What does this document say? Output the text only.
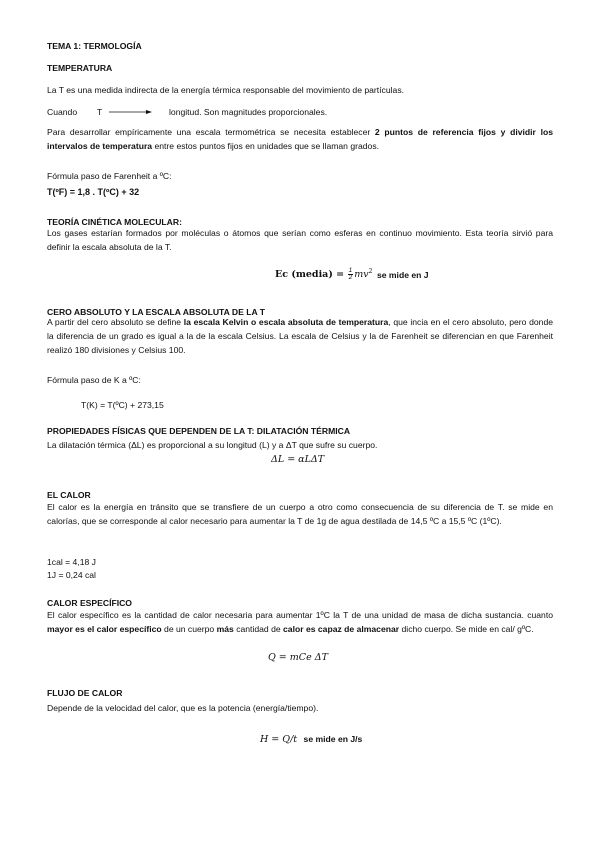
TEMA 1: TERMOLOGÍA
TEMPERATURA
La T es una medida indirecta de la energía térmica responsable del movimiento de partículas.
Cuando T	longitud. Son magnitudes proporcionales.
Para desarrollar empíricamente una escala termométrica se necesita establecer 2 puntos de referencia fijos y dividir los intervalos de temperatura entre estos puntos fijos en unidades que se llaman grados.
Fórmula paso de Farenheit a ºC:
T(ºF) = 1,8 . T(ºC) + 32
TEORÍA CINÉTICA MOLECULAR:
Los gases estarían formados por moléculas o átomos que serían como esferas en continuo movimiento. Esta teoría sirvió para definir la escala absoluta de la T.
Ec (media) = $\frac{1}{2} mv^2$ se mide en J
CERO ABSOLUTO Y LA ESCALA ABSOLUTA DE LA T
A partir del cero absoluto se define la escala Kelvin o escala absoluta de temperatura, que incia en el cero absoluto, pero donde la diferencia de un grado es igual a la de la escala Celsius. La escala de Celsius y la de Farenheit se diferencian en que Farenheit realizó 180 divisiones y Celsius 100.
Fórmula paso de K a ºC:
T(K) = T(ºC) + 273,15
PROPIEDADES FÍSICAS QUE DEPENDEN DE LA T: DILATACIÓN TÉRMICA
La dilatación térmica (ΔL) es proporcional a su longitud (L) y a ΔT que sufre su cuerpo.
ΔL = αLΔT
EL CALOR
El calor es la energía en tránsito que se transfiere de un cuerpo a otro como consecuencia de su diferencia de T. se mide en calorías, que se corresponde al calor necesario para aumentar la T de 1g de agua destilada de 14,5 ºC a 15,5 ºC (1ºC).
1cal = 4,18 J
1J = 0,24 cal
CALOR ESPECÍFICO
El calor específico es la cantidad de calor necesaria para aumentar 1ºC la T de una unidad de masa de dicha sustancia. cuanto mayor es el calor específico de un cuerpo más cantidad de calor es capaz de almacenar dicho cuerpo. Se mide en cal/ gºC.
Q = mCe ΔT
FLUJO DE CALOR
Depende de la velocidad del calor, que es la potencia (energía/tiempo).
H = Q/t se mide en J/s
